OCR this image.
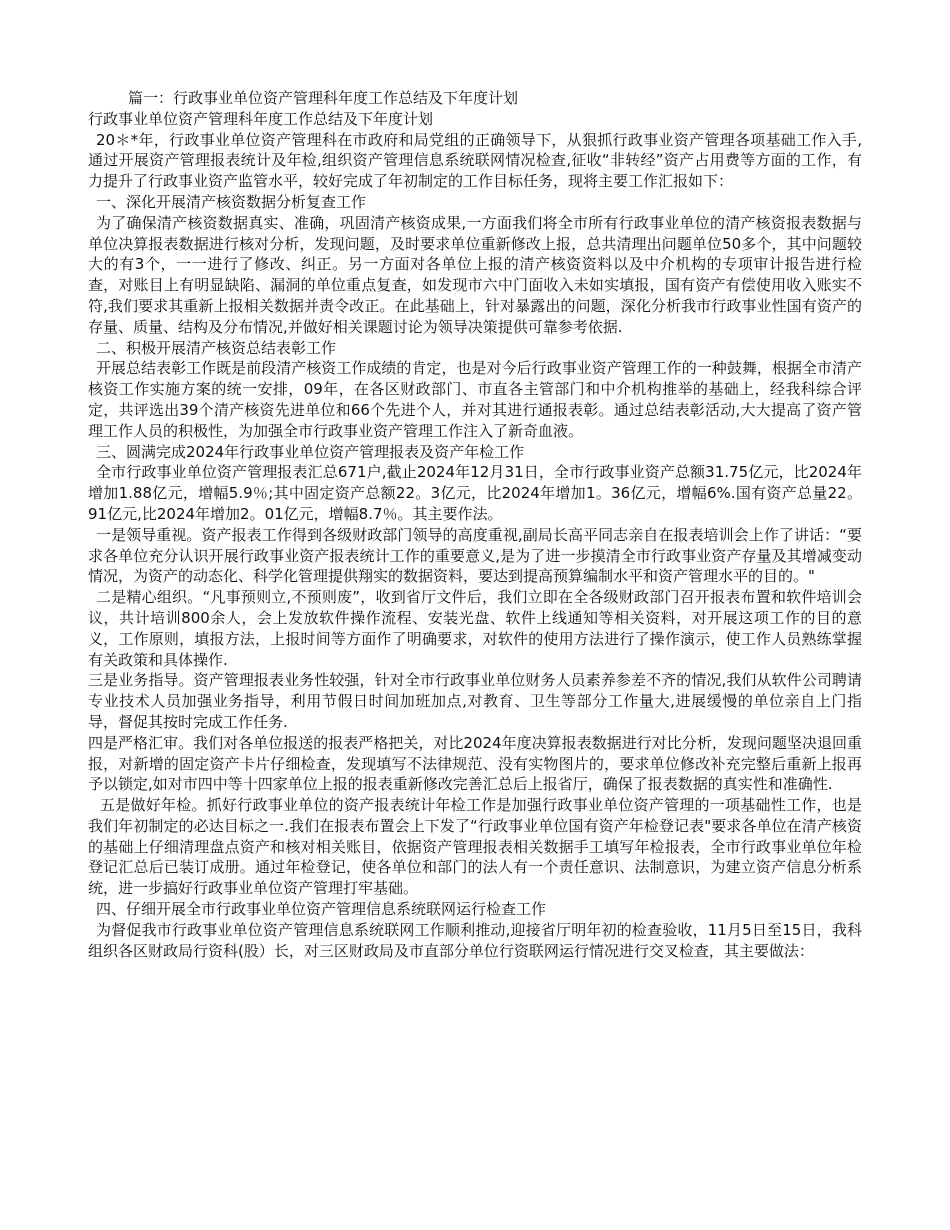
篇一：行政事业单位资产管理科年度工作总结及下年度计划
行政事业单位资产管理科年度工作总结及下年度计划

20＊*年，行政事业单位资产管理科在市政府和局党组的正确领导下，从狠抓行政事业资产管理各项基础工作入手,通过开展资产管理报表统计及年检,组织资产管理信息系统联网情况检查,征收“非转经”资产占用费等方面的工作，有力提升了行政事业资产监管水平，较好完成了年初制定的工作目标任务，现将主要工作汇报如下：

一、深化开展清产核资数据分析复查工作

为了确保清产核资数据真实、准确，巩固清产核资成果,一方面我们将全市所有行政事业单位的清产核资报表数据与单位决算报表数据进行核对分析，发现问题，及时要求单位重新修改上报，总共清理出问题单位50多个，其中问题较大的有3个，一一进行了修改、纠正。另一方面对各单位上报的清产核资资料以及中介机构的专项审计报告进行检查，对账目上有明显缺陷、漏洞的单位重点复查，如发现市六中门面收入未如实填报，国有资产有偿使用收入账实不符,我们要求其重新上报相关数据并责令改正。在此基础上，针对暴露出的问题，深化分析我市行政事业性国有资产的存量、质量、结构及分布情况,并做好相关课题讨论为领导决策提供可靠参考依据.

二、积极开展清产核资总结表彰工作

开展总结表彰工作既是前段清产核资工作成绩的肯定，也是对今后行政事业资产管理工作的一种鼓舞，根据全市清产核资工作实施方案的统一安排，09年，在各区财政部门、市直各主管部门和中介机构推举的基础上，经我科综合评定，共评选出39个清产核资先进单位和66个先进个人，并对其进行通报表彰。通过总结表彰活动,大大提高了资产管理工作人员的积极性，为加强全市行政事业资产管理工作注入了新奇血液。

三、圆满完成2024年行政事业单位资产管理报表及资产年检工作

全市行政事业单位资产管理报表汇总671户,截止2024年12月31日，全市行政事业资产总额31.75亿元，比2024年增加1.88亿元，增幅5.9％;其中固定资产总额22。3亿元，比2024年增加1。36亿元，增幅6%.国有资产总量22。91亿元,比2024年增加2。01亿元，增幅8.7％。其主要作法。

一是领导重视。资产报表工作得到各级财政部门领导的高度重视,副局长高平同志亲自在报表培训会上作了讲话：“要求各单位充分认识开展行政事业资产报表统计工作的重要意义,是为了进一步摸清全市行政事业资产存量及其增减变动情况，为资产的动态化、科学化管理提供翔实的数据资料，要达到提高预算编制水平和资产管理水平的目的。"

二是精心组织。“凡事预则立,不预则废”，收到省厅文件后，我们立即在全各级财政部门召开报表布置和软件培训会议，共计培训800余人，会上发放软件操作流程、安装光盘、软件上线通知等相关资料，对开展这项工作的目的意义，工作原则，填报方法，上报时间等方面作了明确要求，对软件的使用方法进行了操作演示，使工作人员熟练掌握有关政策和具体操作.

三是业务指导。资产管理报表业务性较强，针对全市行政事业单位财务人员素养参差不齐的情况,我们从软件公司聘请专业技术人员加强业务指导，利用节假日时间加班加点,对教育、卫生等部分工作量大,进展缓慢的单位亲自上门指导，督促其按时完成工作任务.

四是严格汇审。我们对各单位报送的报表严格把关，对比2024年度决算报表数据进行对比分析，发现问题坚决退回重报，对新增的固定资产卡片仔细检查，发现填写不法律规范、没有实物图片的，要求单位修改补充完整后重新上报再予以锁定,如对市四中等十四家单位上报的报表重新修改完善汇总后上报省厅，确保了报表数据的真实性和准确性.

五是做好年检。抓好行政事业单位的资产报表统计年检工作是加强行政事业单位资产管理的一项基础性工作，也是我们年初制定的必达目标之一.我们在报表布置会上下发了“行政事业单位国有资产年检登记表"要求各单位在清产核资的基础上仔细清理盘点资产和核对相关账目，依据资产管理报表相关数据手工填写年检报表，全市行政事业单位年检登记汇总后已装订成册。通过年检登记，使各单位和部门的法人有一个责任意识、法制意识，为建立资产信息分析系统，进一步搞好行政事业单位资产管理打牢基础。

四、仔细开展全市行政事业单位资产管理信息系统联网运行检查工作

为督促我市行政事业单位资产管理信息系统联网工作顺利推动,迎接省厅明年初的检查验收，11月5日至15日，我科组织各区财政局行资科(股）长，对三区财政局及市直部分单位行资联网运行情况进行交叉检查，其主要做法：
